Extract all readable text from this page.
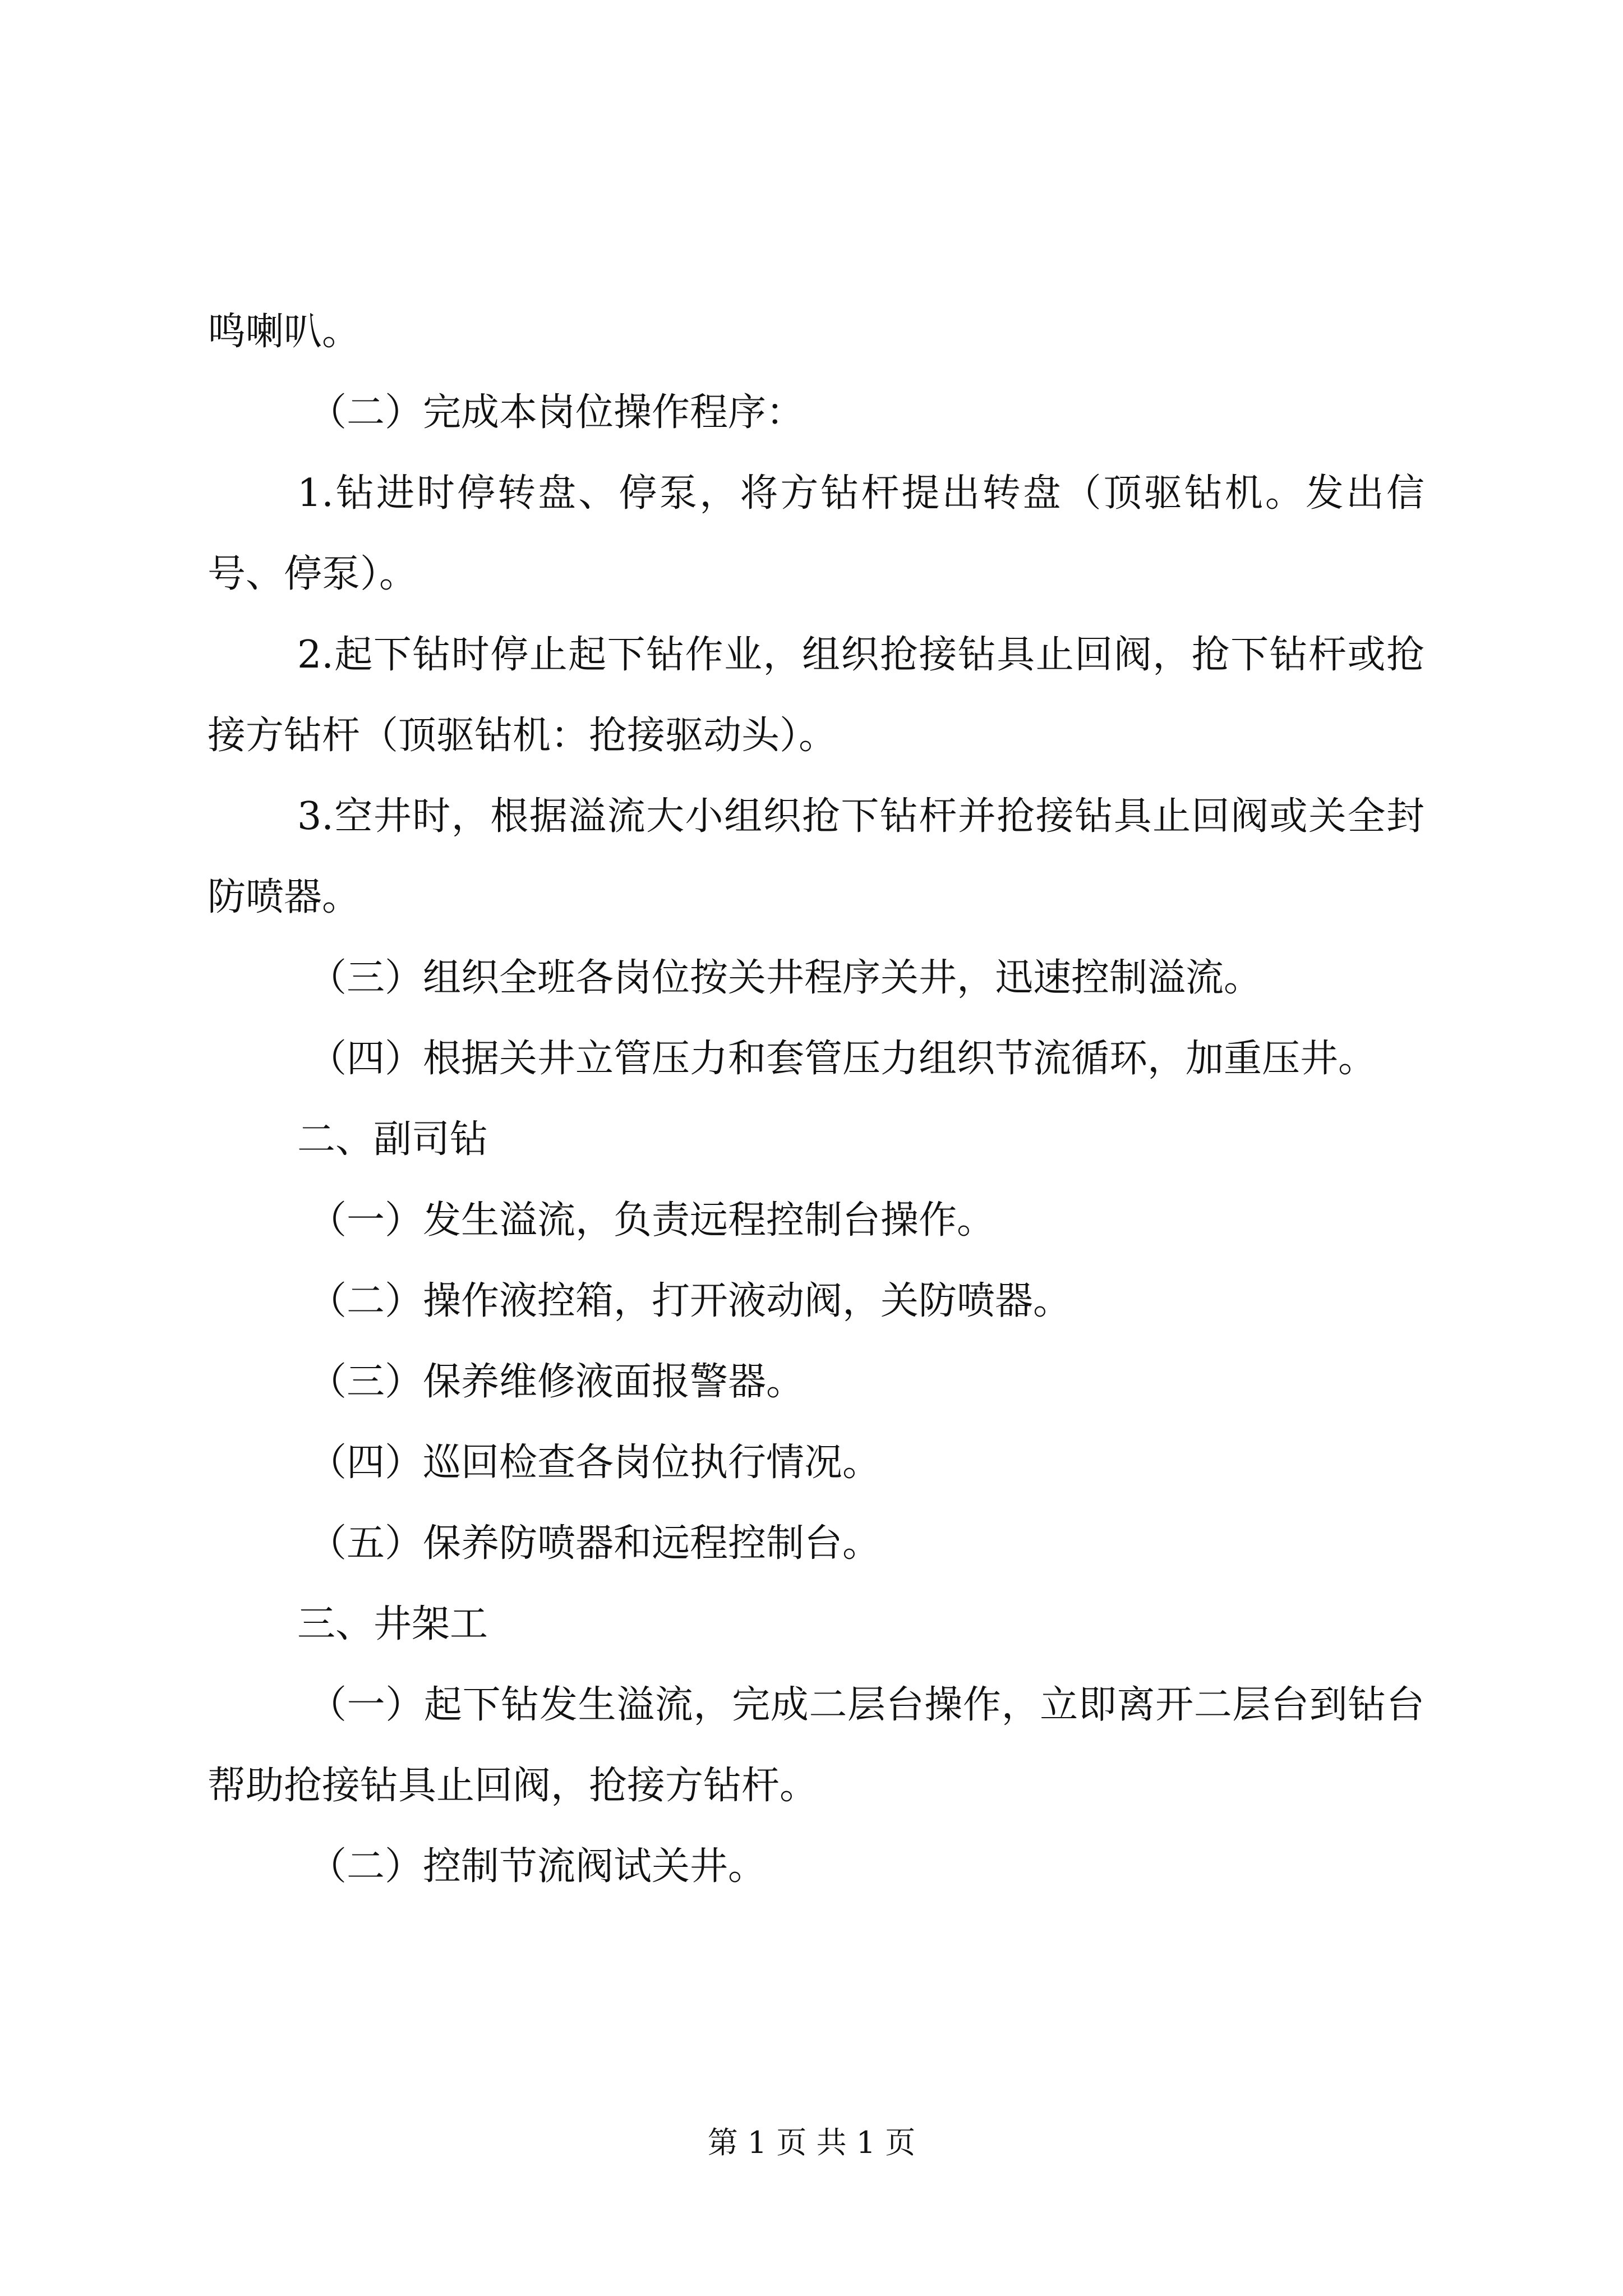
鸣喇叭。

（二）完成本岗位操作程序：

1.钻进时停转盘、停泵，将方钻杆提出转盘（顶驱钻机。发出信号、停泵）。

2.起下钻时停止起下钻作业，组织抢接钻具止回阀，抢下钻杆或抢接方钻杆（顶驱钻机：抢接驱动头）。

3.空井时，根据溢流大小组织抢下钻杆并抢接钻具止回阀或关全封防喷器。

（三）组织全班各岗位按关井程序关井，迅速控制溢流。

（四）根据关井立管压力和套管压力组织节流循环，加重压井。

二、副司钻

（一）发生溢流，负责远程控制台操作。

（二）操作液控箱，打开液动阀，关防喷器。

（三）保养维修液面报警器。

（四）巡回检查各岗位执行情况。

（五）保养防喷器和远程控制台。

三、井架工

（一）起下钻发生溢流，完成二层台操作，立即离开二层台到钻台帮助抢接钻具止回阀，抢接方钻杆。

（二）控制节流阀试关井。

第 1 页 共 1 页
